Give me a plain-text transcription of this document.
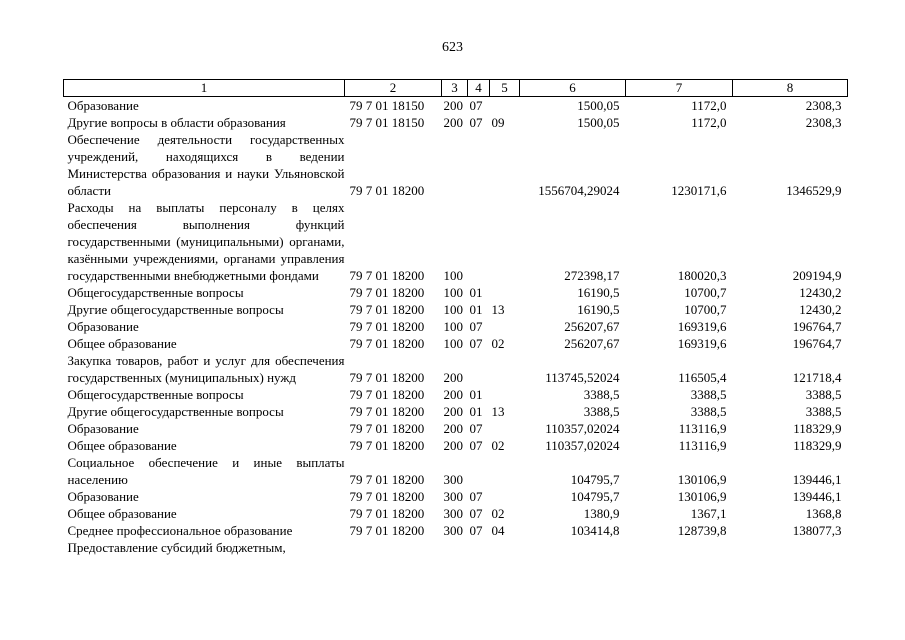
623
1	2	3	4	5	6	7	8
Образование	79 7 01 18150	200	07		1500,05	1172,0	2308,3
Другие вопросы в области образования	79 7 01 18150	200	07	09	1500,05	1172,0	2308,3
Обеспечение деятельности государственных учреждений, находящихся в ведении Министерства образования и науки Ульяновской области	79 7 01 18200				1556704,29024	1230171,6	1346529,9
Расходы на выплаты персоналу в целях обеспечения выполнения функций государственными (муниципальными) органами, казёнными учреждениями, органами управления государственными внебюджетными фондами	79 7 01 18200	100			272398,17	180020,3	209194,9
Общегосударственные вопросы	79 7 01 18200	100	01		16190,5	10700,7	12430,2
Другие общегосударственные вопросы	79 7 01 18200	100	01	13	16190,5	10700,7	12430,2
Образование	79 7 01 18200	100	07		256207,67	169319,6	196764,7
Общее образование	79 7 01 18200	100	07	02	256207,67	169319,6	196764,7
Закупка товаров, работ и услуг для обеспечения государственных (муниципальных) нужд	79 7 01 18200	200			113745,52024	116505,4	121718,4
Общегосударственные вопросы	79 7 01 18200	200	01		3388,5	3388,5	3388,5
Другие общегосударственные вопросы	79 7 01 18200	200	01	13	3388,5	3388,5	3388,5
Образование	79 7 01 18200	200	07		110357,02024	113116,9	118329,9
Общее образование	79 7 01 18200	200	07	02	110357,02024	113116,9	118329,9
Социальное обеспечение и иные выплаты населению	79 7 01 18200	300			104795,7	130106,9	139446,1
Образование	79 7 01 18200	300	07		104795,7	130106,9	139446,1
Общее образование	79 7 01 18200	300	07	02	1380,9	1367,1	1368,8
Среднее профессиональное образование	79 7 01 18200	300	07	04	103414,8	128739,8	138077,3
Предоставление субсидий бюджетным,							
